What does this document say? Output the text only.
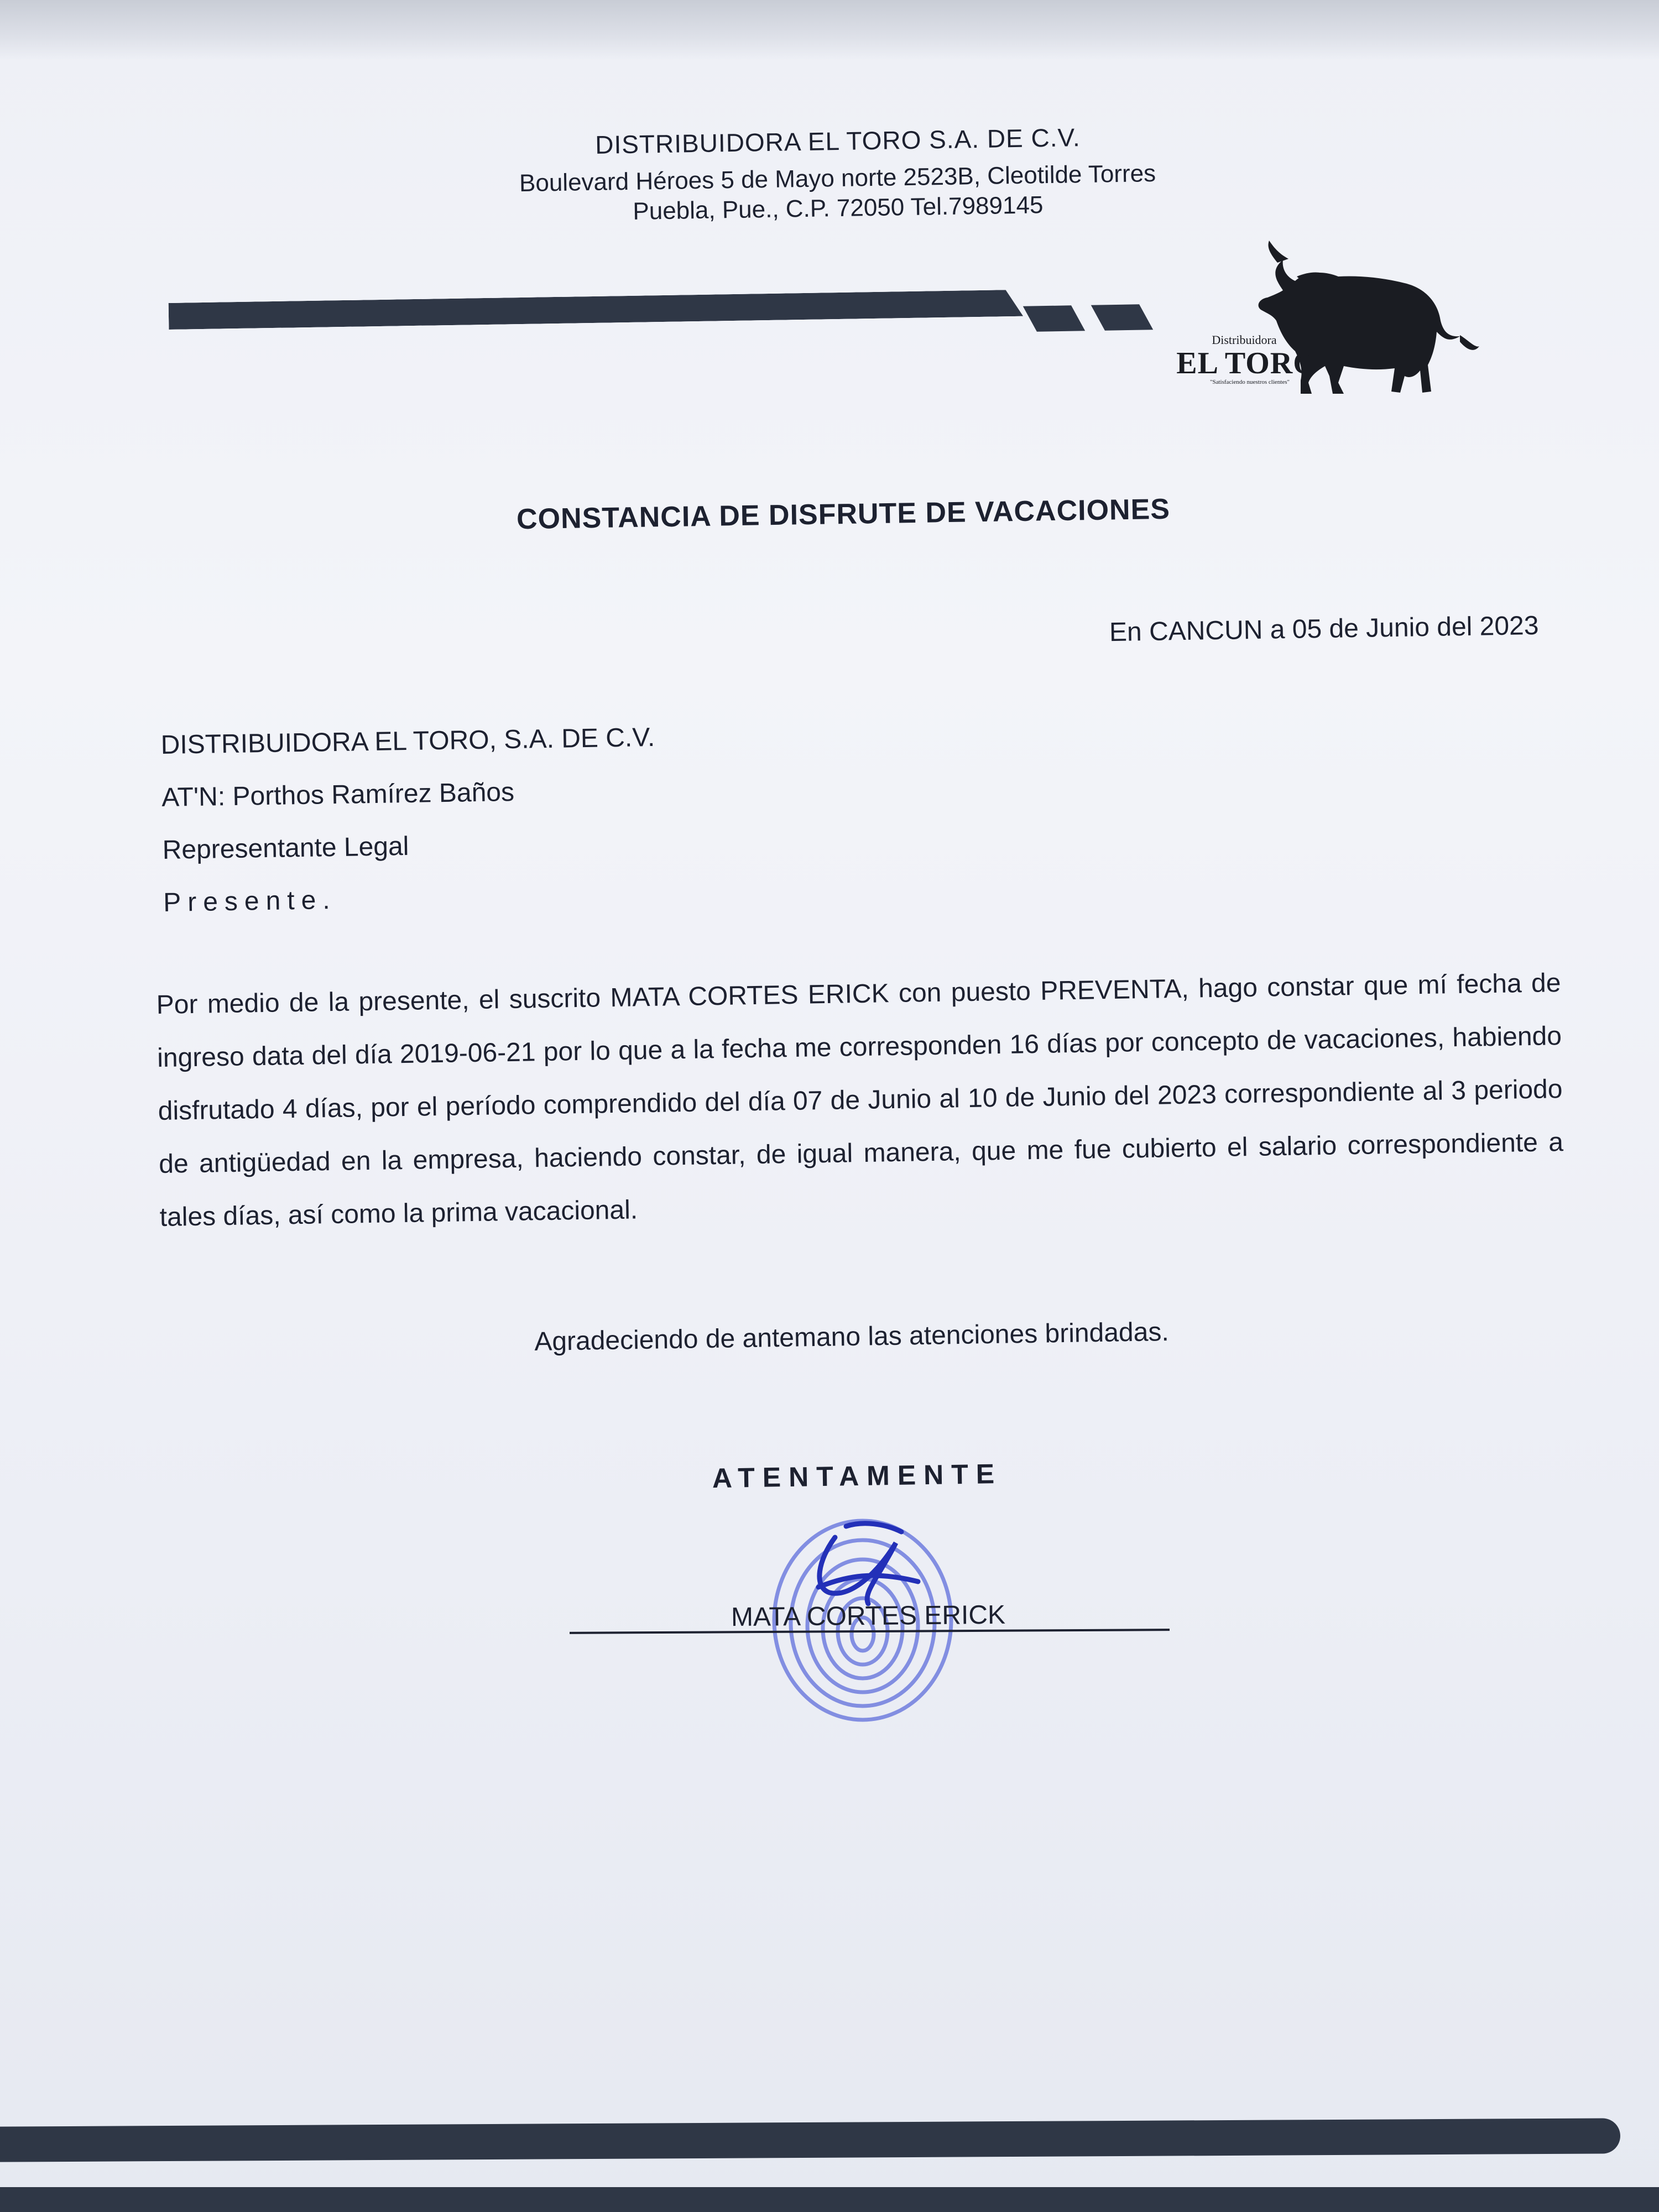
DISTRIBUIDORA EL TORO S.A. DE C.V.
Boulevard Héroes 5 de Mayo norte 2523B, Cleotilde Torres
Puebla, Pue., C.P. 72050 Tel.7989145
Distribuidora
EL TORO
"Satisfaciendo nuestros clientes"
CONSTANCIA DE DISFRUTE DE VACACIONES
En CANCUN a 05 de Junio del 2023
DISTRIBUIDORA EL TORO, S.A. DE C.V.
AT'N: Porthos Ramírez Baños
Representante Legal
Presente.
Por medio de la presente, el suscrito MATA CORTES ERICK con puesto PREVENTA, hago constar que mí fecha de ingreso data del día 2019-06-21 por lo que a la fecha me corresponden 16 días por concepto de vacaciones, habiendo disfrutado 4 días, por el período comprendido del día 07 de Junio al 10 de Junio del 2023 correspondiente al 3 periodo de antigüedad en la empresa, haciendo constar, de igual manera, que me fue cubierto el salario correspondiente a tales días, así como la prima vacacional.
Agradeciendo de antemano las atenciones brindadas.
ATENTAMENTE
MATA CORTES ERICK
